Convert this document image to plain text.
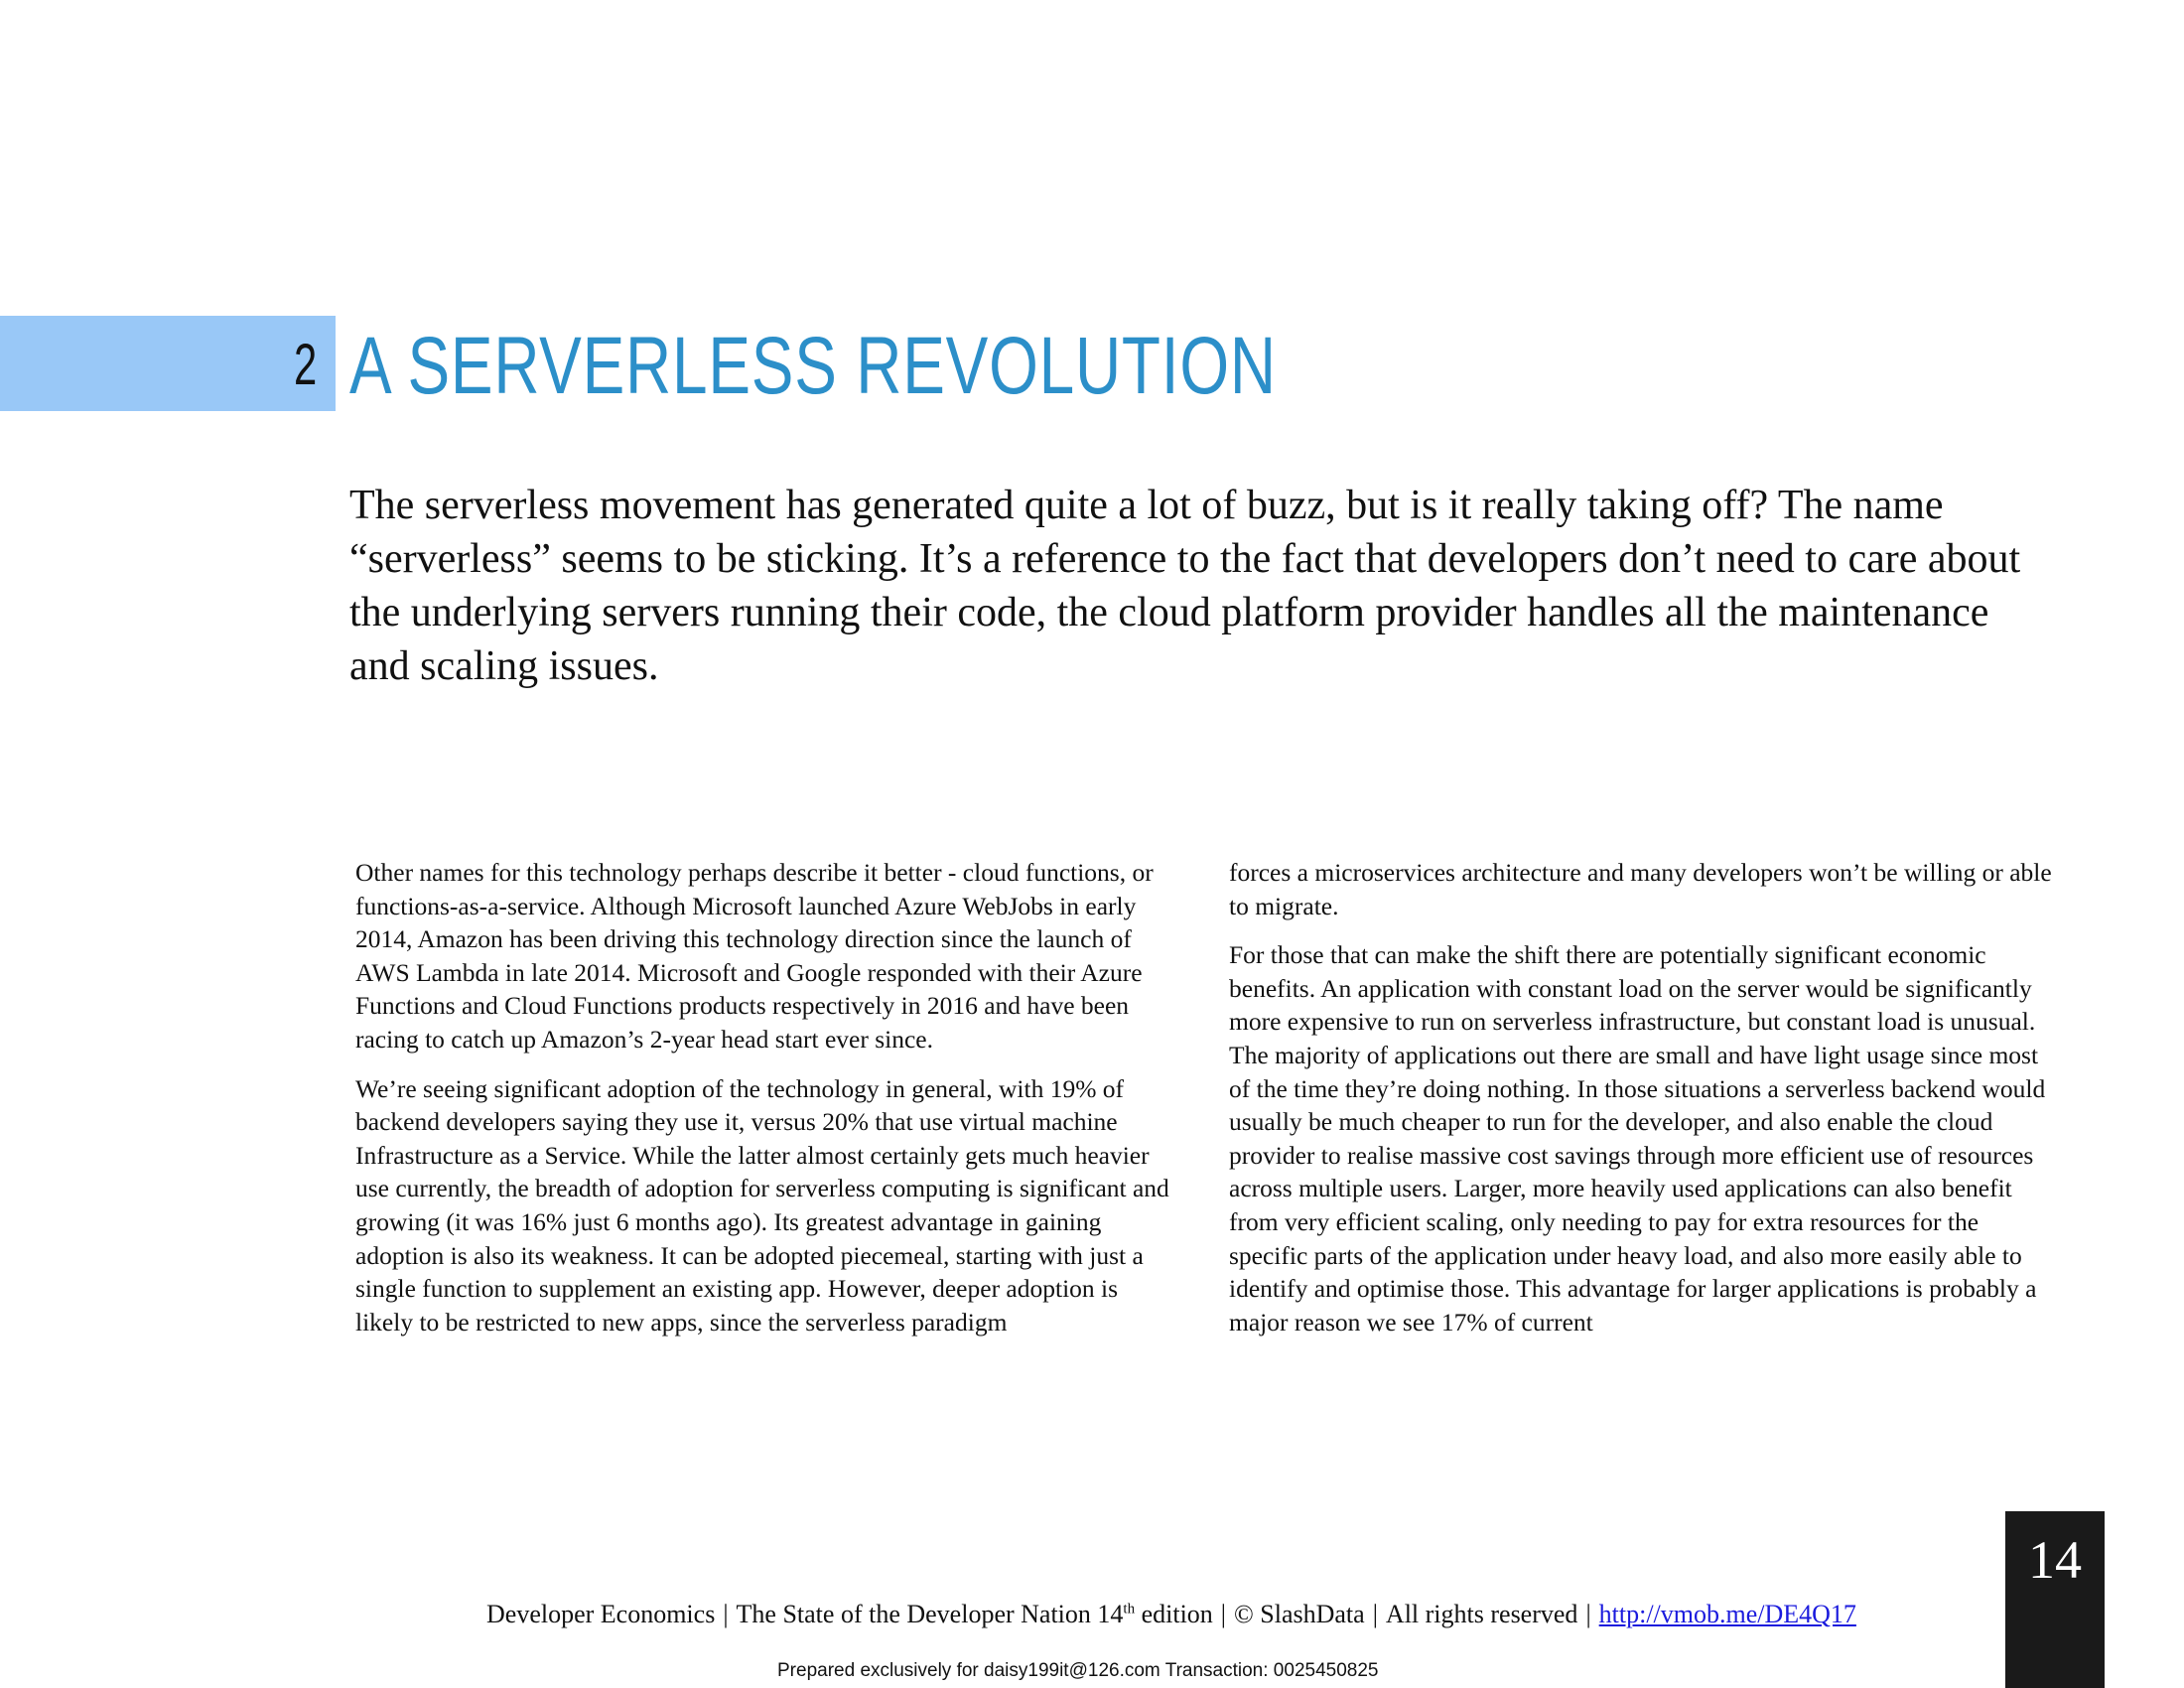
2 A SERVERLESS REVOLUTION

The serverless movement has generated quite a lot of buzz, but is it really taking off? The name “serverless” seems to be sticking. It’s a reference to the fact that developers don’t need to care about the underlying servers running their code, the cloud platform provider handles all the maintenance and scaling issues.

Other names for this technology perhaps describe it better - cloud functions, or functions-as-a-service. Although Microsoft launched Azure WebJobs in early 2014, Amazon has been driving this technology direction since the launch of AWS Lambda in late 2014. Microsoft and Google responded with their Azure Functions and Cloud Functions products respectively in 2016 and have been racing to catch up Amazon’s 2-year head start ever since.

We’re seeing significant adoption of the technology in general, with 19% of backend developers saying they use it, versus 20% that use virtual machine Infrastructure as a Service. While the latter almost certainly gets much heavier use currently, the breadth of adoption for serverless computing is significant and growing (it was 16% just 6 months ago). Its greatest advantage in gaining adoption is also its weakness. It can be adopted piecemeal, starting with just a single function to supplement an existing app. However, deeper adoption is likely to be restricted to new apps, since the serverless paradigm

forces a microservices architecture and many developers won’t be willing or able to migrate.

For those that can make the shift there are potentially significant economic benefits. An application with constant load on the server would be significantly more expensive to run on serverless infrastructure, but constant load is unusual. The majority of applications out there are small and have light usage since most of the time they’re doing nothing. In those situations a serverless backend would usually be much cheaper to run for the developer, and also enable the cloud provider to realise massive cost savings through more efficient use of resources across multiple users. Larger, more heavily used applications can also benefit from very efficient scaling, only needing to pay for extra resources for the specific parts of the application under heavy load, and also more easily able to identify and optimise those. This advantage for larger applications is probably a major reason we see 17% of current

14
Developer Economics | The State of the Developer Nation 14th edition | © SlashData | All rights reserved | http://vmob.me/DE4Q17
Prepared exclusively for daisy199it@126.com Transaction: 0025450825
